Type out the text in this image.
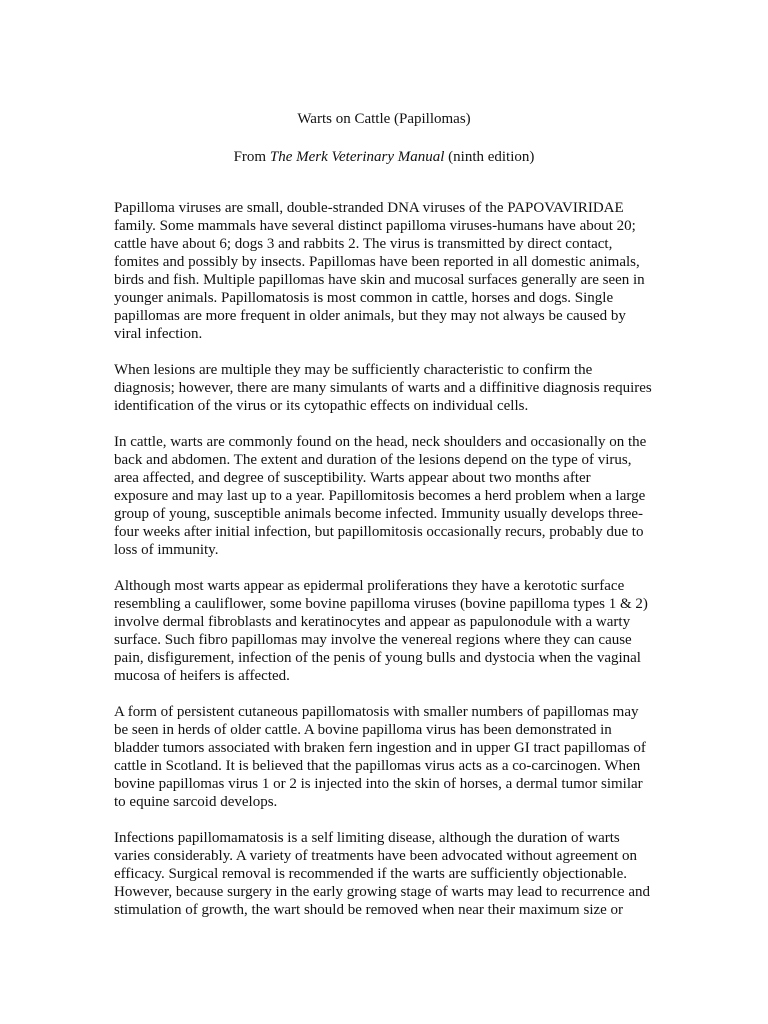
Warts on Cattle (Papillomas)
From The Merk Veterinary Manual (ninth edition)

Papilloma viruses are small, double-stranded DNA viruses of the PAPOVAVIRIDAE
family. Some mammals have several distinct papilloma viruses-humans have about 20;
cattle have about 6; dogs 3 and rabbits 2. The virus is transmitted by direct contact,
fomites and possibly by insects. Papillomas have been reported in all domestic animals,
birds and fish. Multiple papillomas have skin and mucosal surfaces generally are seen in
younger animals. Papillomatosis is most common in cattle, horses and dogs. Single
papillomas are more frequent in older animals, but they may not always be caused by
viral infection.

When lesions are multiple they may be sufficiently characteristic to confirm the
diagnosis; however, there are many simulants of warts and a diffinitive diagnosis requires
identification of the virus or its cytopathic effects on individual cells.

In cattle, warts are commonly found on the head, neck shoulders and occasionally on the
back and abdomen. The extent and duration of the lesions depend on the type of virus,
area affected, and degree of susceptibility. Warts appear about two months after
exposure and may last up to a year. Papillomitosis becomes a herd problem when a large
group of young, susceptible animals become infected. Immunity usually develops three-
four weeks after initial infection, but papillomitosis occasionally recurs, probably due to
loss of immunity.

Although most warts appear as epidermal proliferations they have a kerototic surface
resembling a cauliflower, some bovine papilloma viruses (bovine papilloma types 1 & 2)
involve dermal fibroblasts and keratinocytes and appear as papulonodule with a warty
surface. Such fibro papillomas may involve the venereal regions where they can cause
pain, disfigurement, infection of the penis of young bulls and dystocia when the vaginal
mucosa of heifers is affected.

A form of persistent cutaneous papillomatosis with smaller numbers of papillomas may
be seen in herds of older cattle. A bovine papilloma virus has been demonstrated in
bladder tumors associated with braken fern ingestion and in upper GI tract papillomas of
cattle in Scotland. It is believed that the papillomas virus acts as a co-carcinogen. When
bovine papillomas virus 1 or 2 is injected into the skin of horses, a dermal tumor similar
to equine sarcoid develops.

Infections papillomamatosis is a self limiting disease, although the duration of warts
varies considerably. A variety of treatments have been advocated without agreement on
efficacy. Surgical removal is recommended if the warts are sufficiently objectionable.
However, because surgery in the early growing stage of warts may lead to recurrence and
stimulation of growth, the wart should be removed when near their maximum size or
